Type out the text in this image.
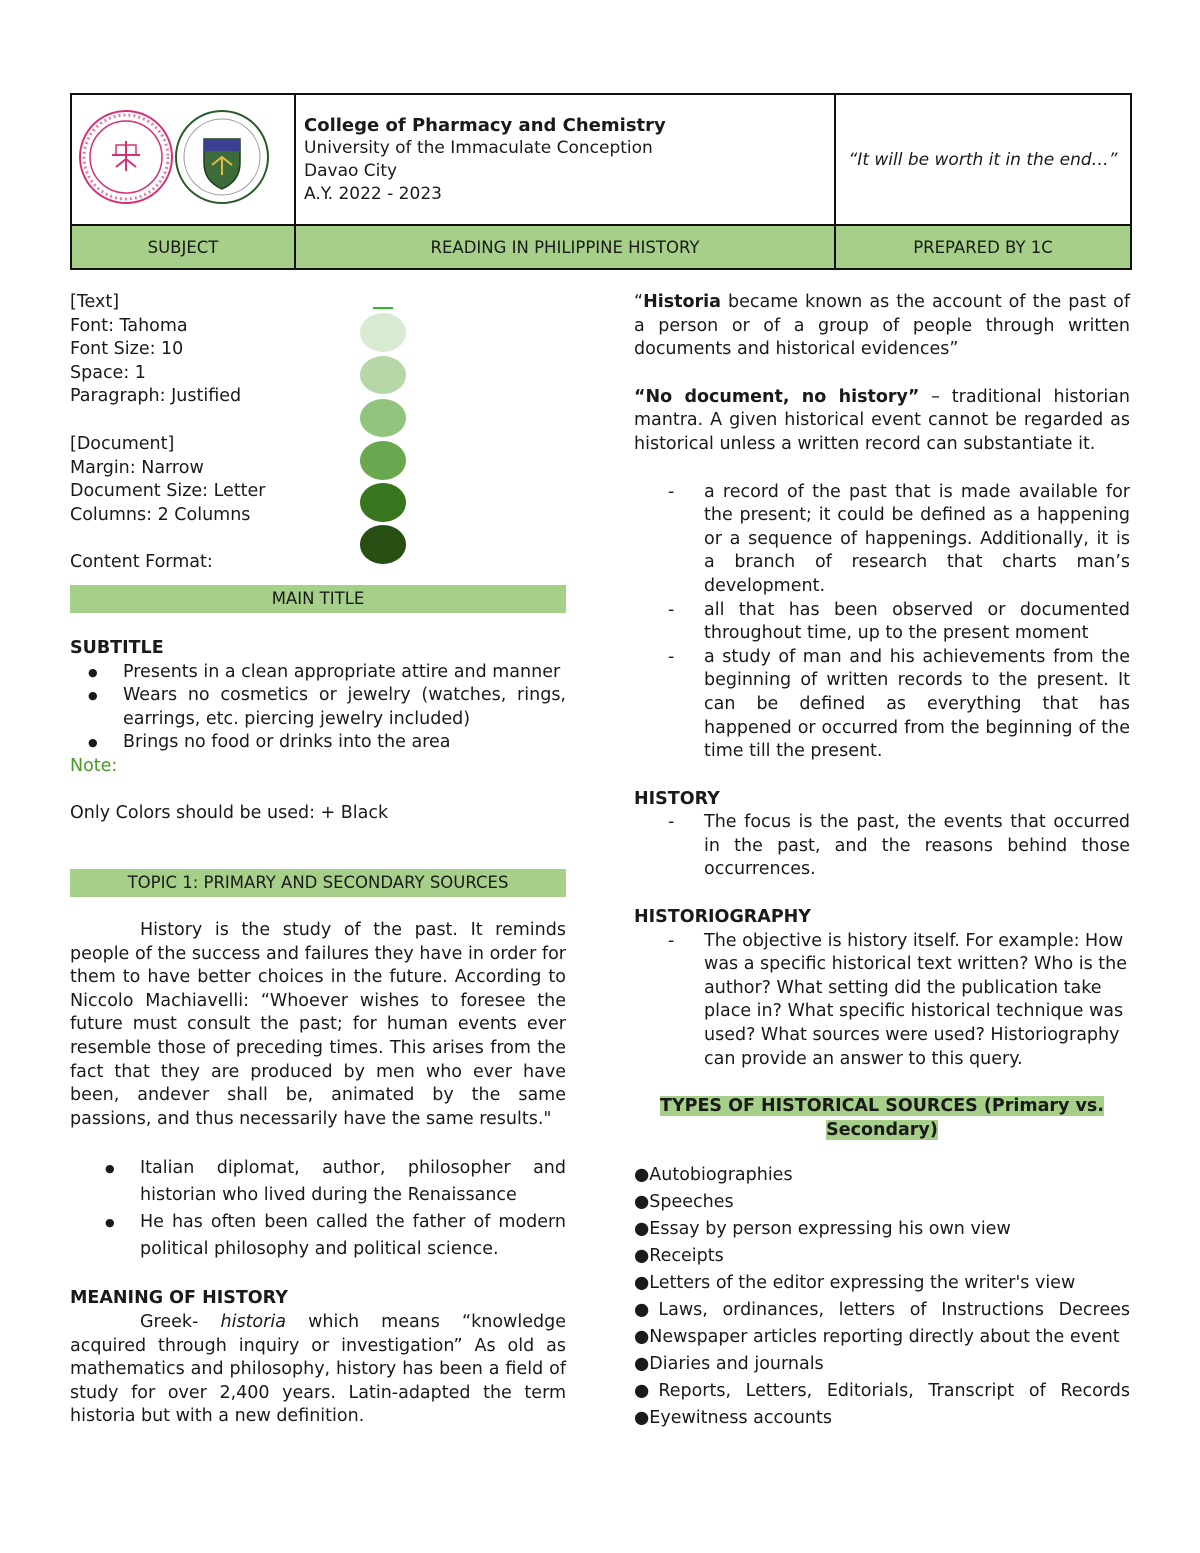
College of Pharmacy and Chemistry
University of the Immaculate Conception
Davao City
A.Y. 2022 - 2023	“It will be worth it in the end…”
SUBJECT	READING IN PHILIPPINE HISTORY	PREPARED BY 1C
[Text]
Font: Tahoma
Font Size: 10
Space: 1
Paragraph: Justified
[Document]
Margin: Narrow
Document Size: Letter
Columns: 2 Columns
Content Format:
MAIN TITLE
SUBTITLE
● Presents in a clean appropriate attire and manner
● Wears no cosmetics or jewelry (watches, rings, earrings, etc. piercing jewelry included)
● Brings no food or drinks into the area
Note:
Only Colors should be used: + Black
TOPIC 1: PRIMARY AND SECONDARY SOURCES
History is the study of the past. It reminds people of the success and failures they have in order for them to have better choices in the future. According to Niccolo Machiavelli: “Whoever wishes to foresee the future must consult the past; for human events ever resemble those of preceding times. This arises from the fact that they are produced by men who ever have been, andever shall be, animated by the same passions, and thus necessarily have the same results."
● Italian diplomat, author, philosopher and historian who lived during the Renaissance
● He has often been called the father of modern political philosophy and political science.
MEANING OF HISTORY
Greek- historia which means “knowledge acquired through inquiry or investigation” As old as mathematics and philosophy, history has been a field of study for over 2,400 years. Latin-adapted the term historia but with a new definition.
“Historia became known as the account of the past of a person or of a group of people through written documents and historical evidences”
“No document, no history” – traditional historian mantra. A given historical event cannot be regarded as historical unless a written record can substantiate it.
- a record of the past that is made available for the present; it could be defined as a happening or a sequence of happenings. Additionally, it is a branch of research that charts man’s development.
- all that has been observed or documented throughout time, up to the present moment
- a study of man and his achievements from the beginning of written records to the present. It can be defined as everything that has happened or occurred from the beginning of the time till the present.
HISTORY
- The focus is the past, the events that occurred in the past, and the reasons behind those occurrences.
HISTORIOGRAPHY
- The objective is history itself. For example: How was a specific historical text written? Who is the author? What setting did the publication take place in? What specific historical technique was used? What sources were used? Historiography can provide an answer to this query.
TYPES OF HISTORICAL SOURCES (Primary vs.
Secondary)
●Autobiographies
●Speeches
●Essay by person expressing his own view
●Receipts
●Letters of the editor expressing the writer's view
●Laws, ordinances, letters of Instructions Decrees
●Newspaper articles reporting directly about the event
●Diaries and journals
●Reports, Letters, Editorials, Transcript of Records
●Eyewitness accounts
